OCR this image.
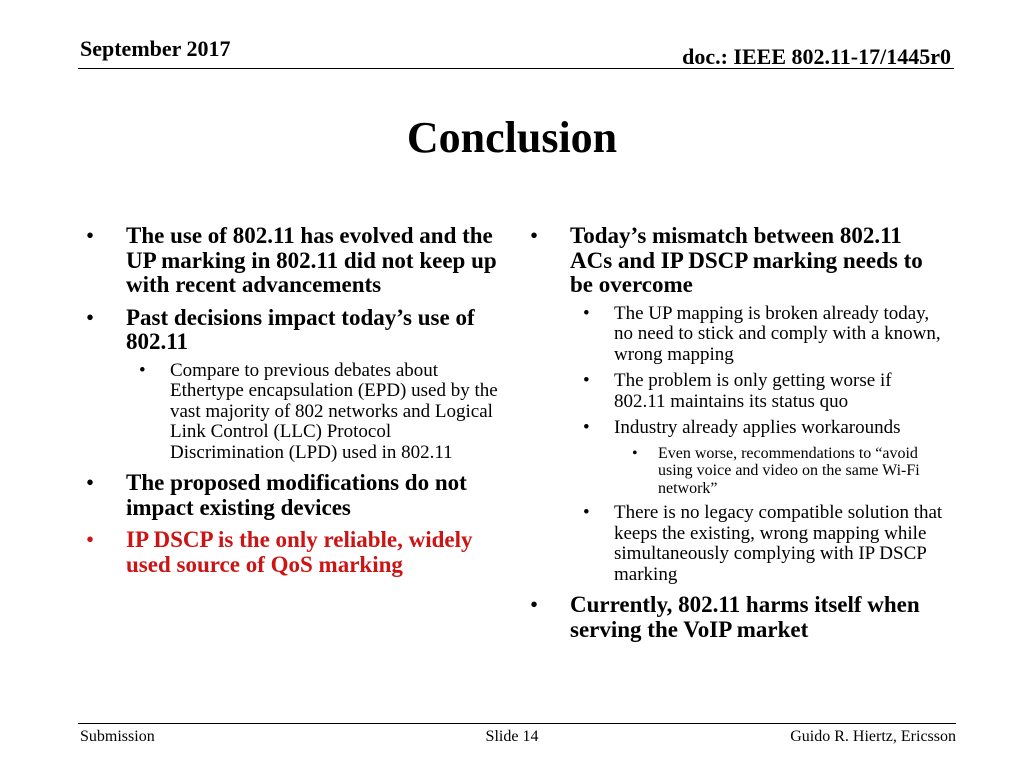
September 2017	doc.: IEEE 802.11-17/1445r0
Conclusion
• The use of 802.11 has evolved and the UP marking in 802.11 did not keep up with recent advancements
• Past decisions impact today’s use of 802.11
• Compare to previous debates about Ethertype encapsulation (EPD) used by the vast majority of 802 networks and Logical Link Control (LLC) Protocol Discrimination (LPD) used in 802.11
• The proposed modifications do not impact existing devices
• IP DSCP is the only reliable, widely used source of QoS marking
• Today’s mismatch between 802.11 ACs and IP DSCP marking needs to be overcome
• The UP mapping is broken already today, no need to stick and comply with a known, wrong mapping
• The problem is only getting worse if 802.11 maintains its status quo
• Industry already applies workarounds
• Even worse, recommendations to “avoid using voice and video on the same Wi-Fi network”
• There is no legacy compatible solution that keeps the existing, wrong mapping while simultaneously complying with IP DSCP marking
• Currently, 802.11 harms itself when serving the VoIP market
Submission	Slide 14	Guido R. Hiertz, Ericsson
